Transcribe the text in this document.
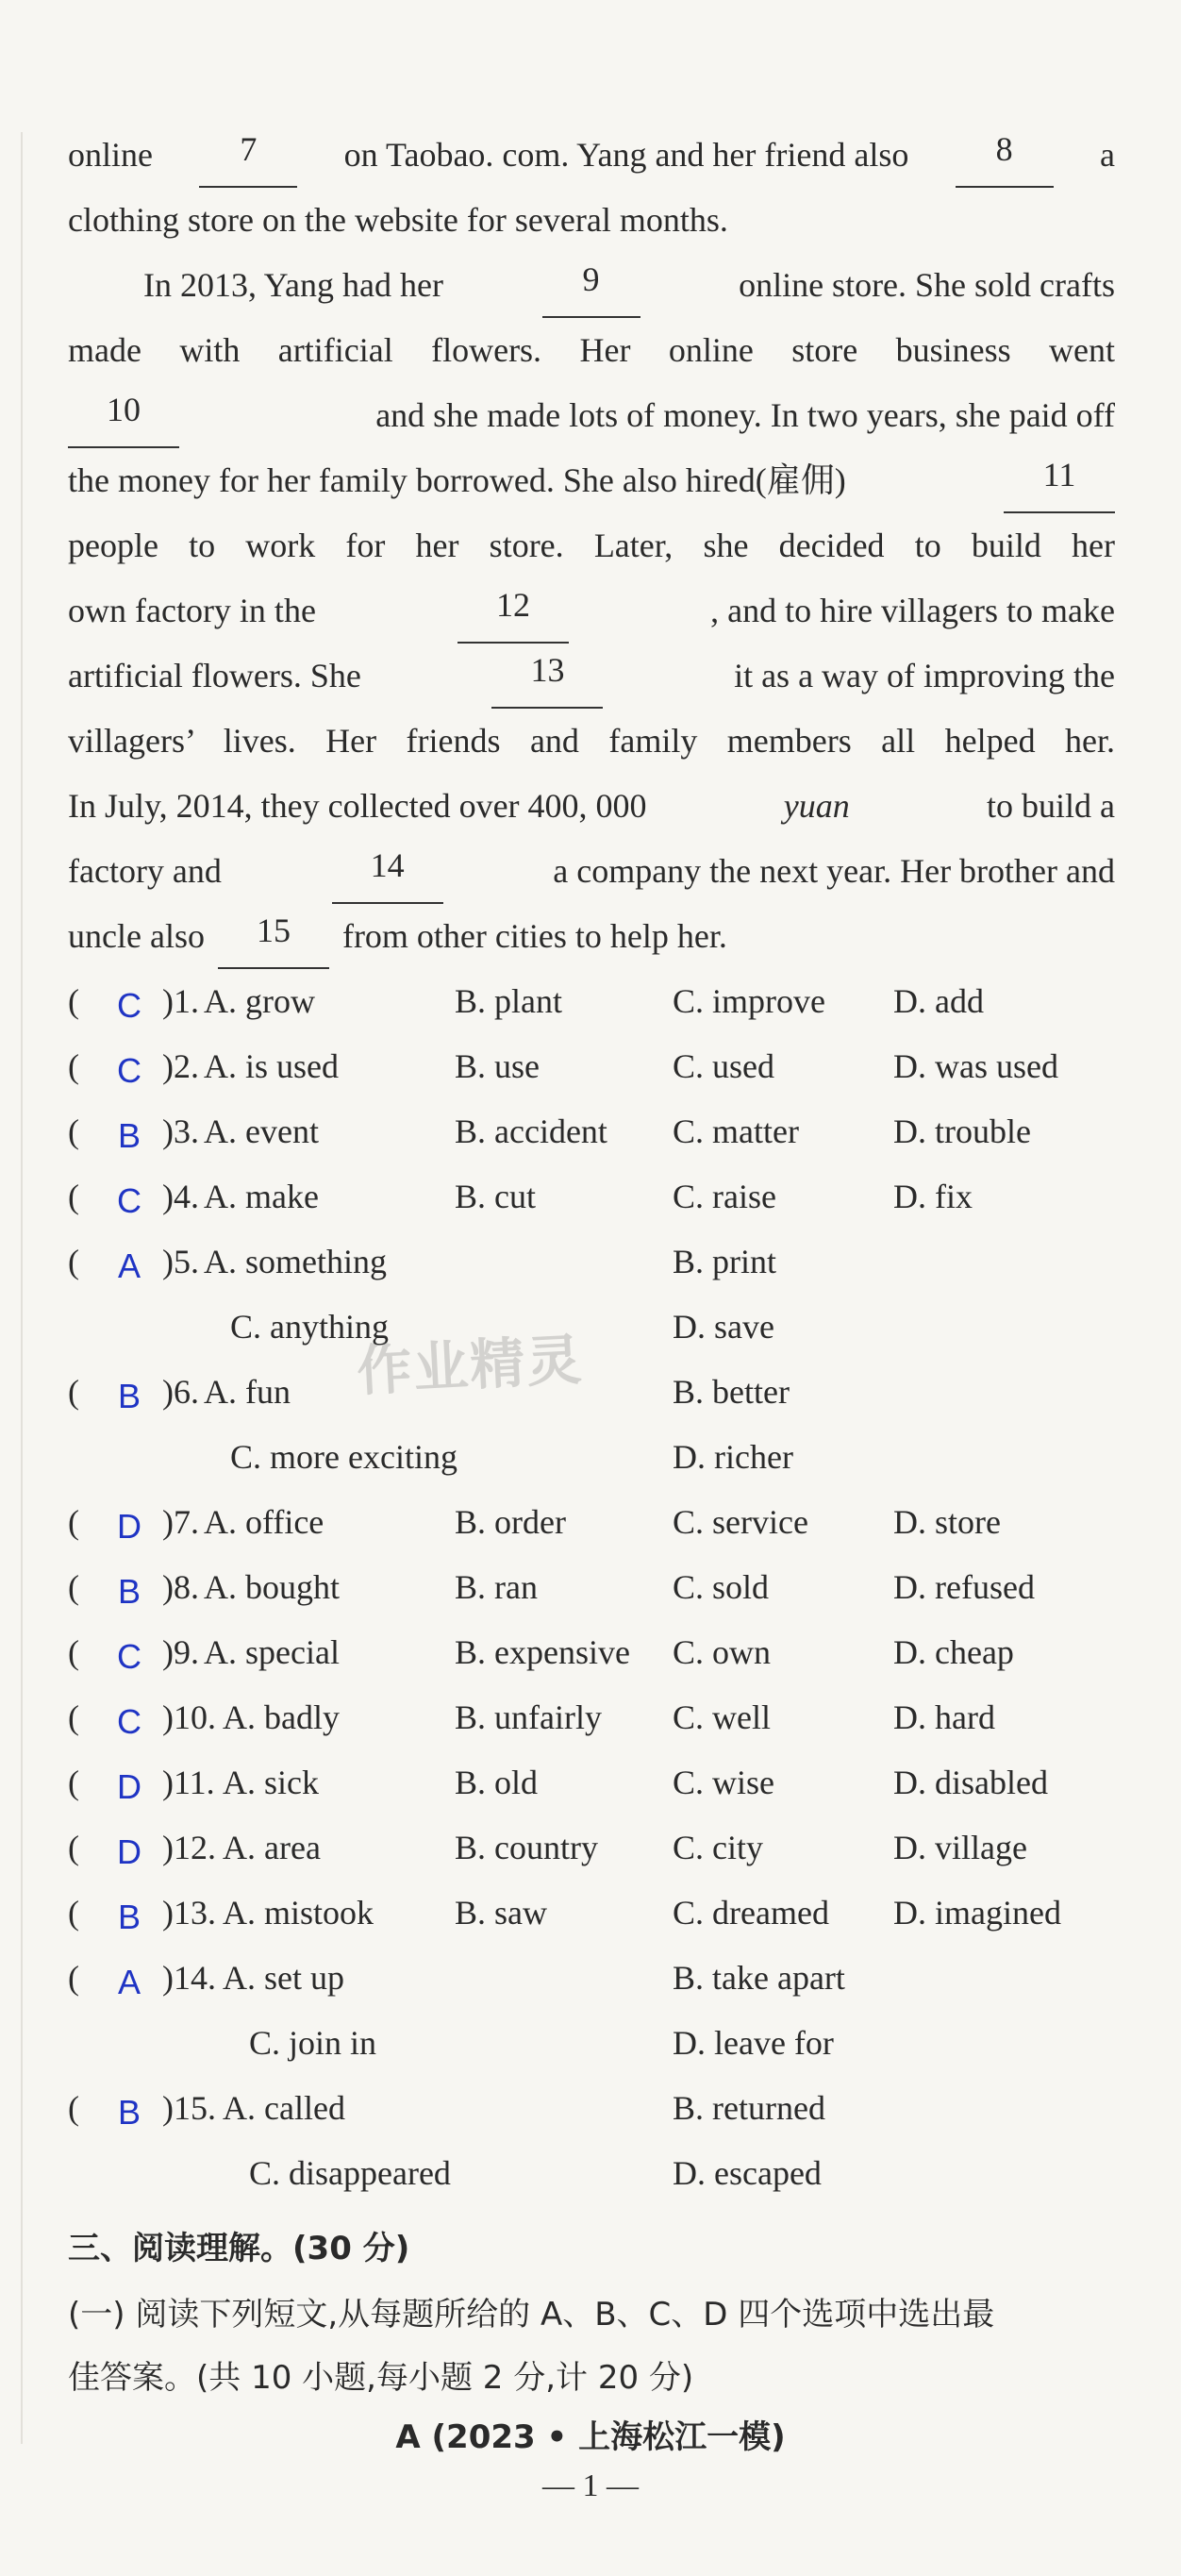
online	7	on Taobao. com. Yang and her friend also	8	a
clothing store on the website for several months.
In 2013, Yang had her	9	online store. She sold crafts
made with artificial flowers. Her online store business went
10	and she made lots of money. In two years, she paid off
the money for her family borrowed. She also hired(雇佣)	11
people to work for her store. Later, she decided to build her
own factory in the	12	, and to hire villagers to make
artificial flowers. She	13	it as a way of improving the
villagers’ lives. Her friends and family members all helped her.
In July, 2014, they collected over 400, 000	yuan	to build a
factory and	14	a company the next year. Her brother and
uncle also	15	from other cities to help her.
(	C )1. A. grow	B. plant	C. improve D. add
(	C )2. A. is used	B. use	C. used	D. was used
(	B )3. A. event	B. accident C. matter	D. trouble
(	C )4. A. make	B. cut	C. raise	D. fix
(	A )5. A. something	B. print
C. anything	D. save
(	B )6. A. fun	B. better
C. more exciting	D. richer
(	D )7. A. office	B. order	C. service	D. store
(	B )8. A. bought	B. ran	C. sold	D. refused
(	C )9. A. special	B. expensive C. own	D. cheap
(	C )10. A. badly	B. unfairly C. well	D. hard
(	D )11. A. sick	B. old	C. wise	D. disabled
(	D )12. A. area	B. country C. city	D. village
(	B )13. A. mistook B. saw	C. dreamed D. imagined
(	A )14. A. set up	B. take apart
C. join in	D. leave for
(	B )15. A. called	B. returned
C. disappeared	D. escaped
三、阅读理解。(30 分)
(一) 阅读下列短文,从每题所给的 A、B、C、D 四个选项中选出最
佳答案。(共 10 小题,每小题 2 分,计 20 分)
A (2023 • 上海松江一模)
— 1 —
作业精灵
